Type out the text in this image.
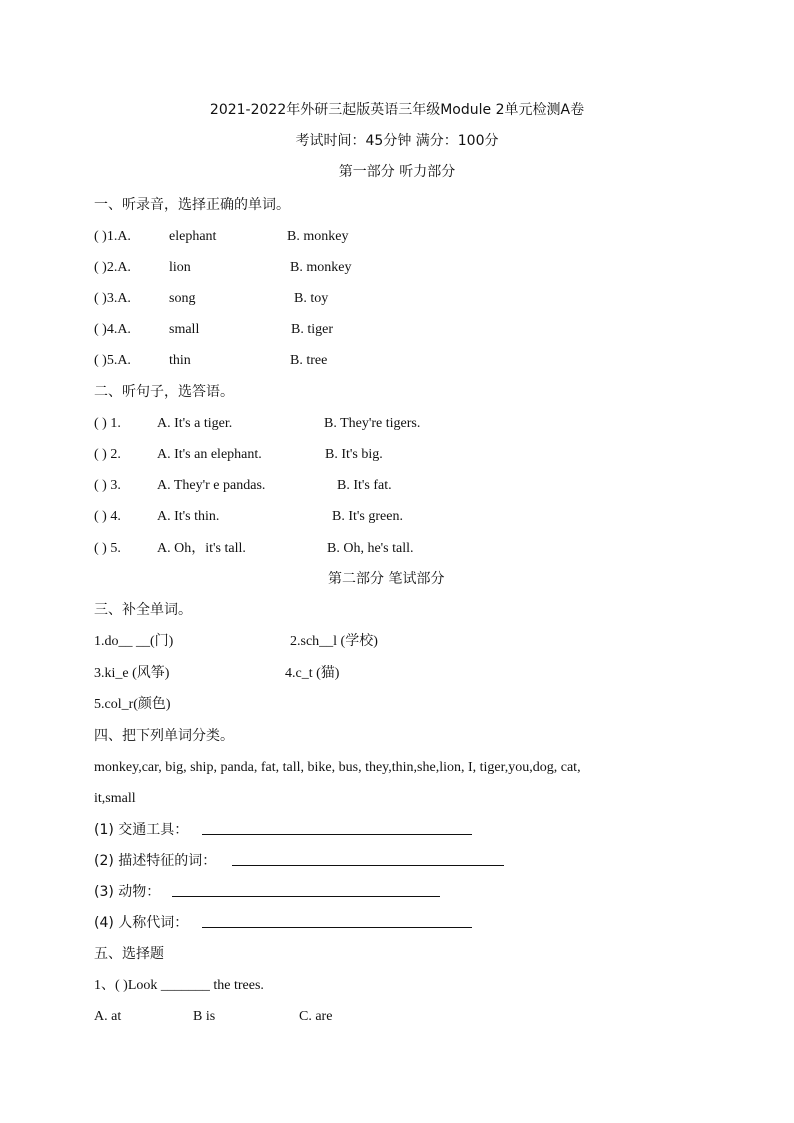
2021-2022年外研三起版英语三年级Module 2单元检测A卷
考试时间：45分钟 满分：100分
第一部分 听力部分
一、听录音，选择正确的单词。
( )1.A.	elephant	B. monkey
( )2.A.	lion	B. monkey
( )3.A.	song	B. toy
( )4.A.	small	B. tiger
( )5.A.	thin	B. tree
二、听句子，选答语。
( ) 1.	A. It's a tiger.	B. They're tigers.
( ) 2.	A. It's an elephant.	B. It's big.
( ) 3.	A. They'r e pandas.	B. It's fat.
( ) 4.	A. It's thin.	B. It's green.
( ) 5.	A. Oh，it's tall.	B. Oh, he's tall.
第二部分 笔试部分
三、补全单词。
1.do__ __(门)	2.sch__l (学校)
3.ki_e (风筝)	4.c_t (猫)
5.col_r(颜色)
四、把下列单词分类。
monkey,car, big, ship, panda, fat, tall, bike, bus, they,thin,she,lion, I, tiger,you,dog, cat,
it,small
(1) 交通工具：
(2) 描述特征的词：
(3) 动物：
(4) 人称代词：
五、选择题
1、( )Look _______ the trees.
A. at	B is	C. are
